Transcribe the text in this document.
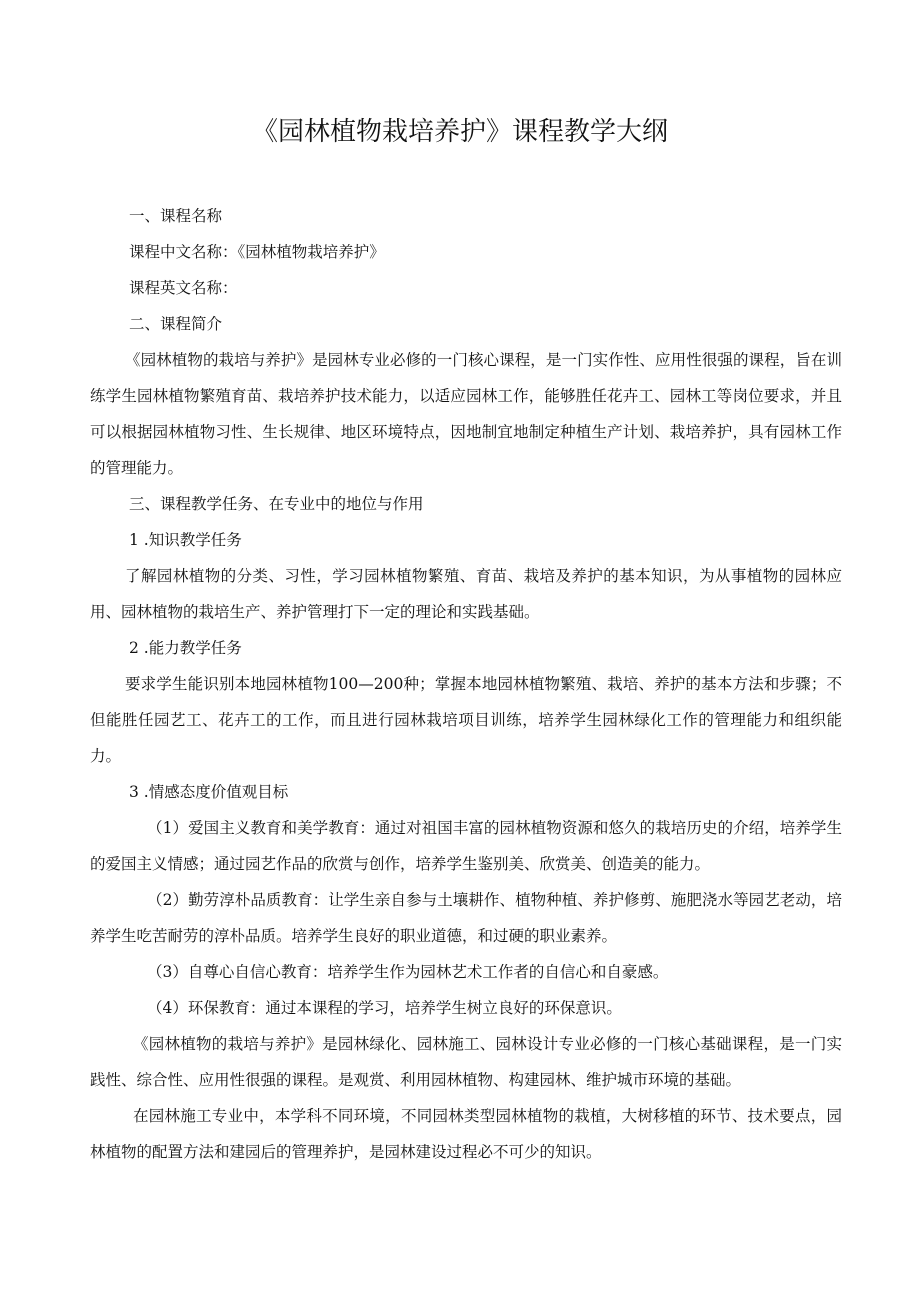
《园林植物栽培养护》课程教学大纲

一、课程名称

课程中文名称：《园林植物栽培养护》

课程英文名称：

二、课程简介

《园林植物的栽培与养护》是园林专业必修的一门核心课程，是一门实作性、应用性很强的课程，旨在训练学生园林植物繁殖育苗、栽培养护技术能力，以适应园林工作，能够胜任花卉工、园林工等岗位要求，并且可以根据园林植物习性、生长规律、地区环境特点，因地制宜地制定种植生产计划、栽培养护，具有园林工作的管理能力。

三、课程教学任务、在专业中的地位与作用

1 .知识教学任务

了解园林植物的分类、习性，学习园林植物繁殖、育苗、栽培及养护的基本知识，为从事植物的园林应用、园林植物的栽培生产、养护管理打下一定的理论和实践基础。

2 .能力教学任务

要求学生能识别本地园林植物100—200种；掌握本地园林植物繁殖、栽培、养护的基本方法和步骤；不但能胜任园艺工、花卉工的工作，而且进行园林栽培项目训练，培养学生园林绿化工作的管理能力和组织能力。

3 .情感态度价值观目标

（1）爱国主义教育和美学教育：通过对祖国丰富的园林植物资源和悠久的栽培历史的介绍，培养学生的爱国主义情感；通过园艺作品的欣赏与创作，培养学生鉴别美、欣赏美、创造美的能力。

（2）勤劳淳朴品质教育：让学生亲自参与土壤耕作、植物种植、养护修剪、施肥浇水等园艺老动，培养学生吃苦耐劳的淳朴品质。培养学生良好的职业道德，和过硬的职业素养。

（3）自尊心自信心教育：培养学生作为园林艺术工作者的自信心和自豪感。

（4）环保教育：通过本课程的学习，培养学生树立良好的环保意识。

《园林植物的栽培与养护》是园林绿化、园林施工、园林设计专业必修的一门核心基础课程，是一门实践性、综合性、应用性很强的课程。是观赏、利用园林植物、构建园林、维护城市环境的基础。

在园林施工专业中，本学科不同环境，不同园林类型园林植物的栽植，大树移植的环节、技术要点，园林植物的配置方法和建园后的管理养护，是园林建设过程必不可少的知识。
